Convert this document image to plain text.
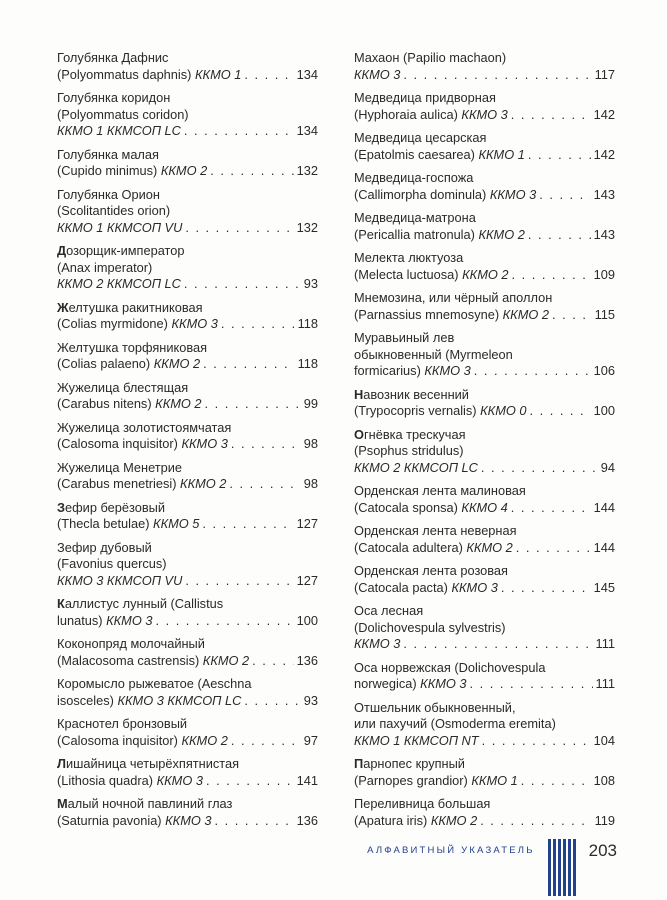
Голубянка Дафнис
(Polyommatus daphnis) ККМО 1 . . .	134
Голубянка коридон
(Polyommatus coridon)
ККМО 1 ККМСОП LC . . .	134
Голубянка малая
(Cupido minimus) ККМО 2 . . .	132
Голубянка Орион
(Scolitantides orion)
ККМО 1 ККМСОП VU . . .	132
Дозорщик-император
(Anax imperator)
ККМО 2 ККМСОП LC . . .	93
Желтушка ракитниковая
(Colias myrmidone) ККМО 3 . . .	118
Желтушка торфяниковая
(Colias palaeno) ККМО 2 . . .	118
Жужелица блестящая
(Carabus nitens) ККМО 2 . . .	99
Жужелица золотистоямчатая
(Calosoma inquisitor) ККМО 3 . . .	98
Жужелица Менетрие
(Carabus menetriesi) ККМО 2 . . .	98
Зефир берёзовый
(Thecla betulae) ККМО 5 . . .	127
Зефир дубовый
(Favonius quercus)
ККМО 3 ККМСОП VU . . .	127
Каллистус лунный (Callistus
lunatus) ККМО 3 . . .	100
Коконопряд молочайный
(Malacosoma castrensis) ККМО 2 . . .	136
Коромысло рыжеватое (Aeschna
isosceles) ККМО 3 ККМСОП LC . . .	93
Краснотел бронзовый
(Calosoma inquisitor) ККМО 2 . . .	97
Лишайница четырёхпятнистая
(Lithosia quadra) ККМО 3 . . .	141
Малый ночной павлиний глаз
(Saturnia pavonia) ККМО 3 . . .	136
Махаон (Papilio machaon)
ККМО 3 . . .	117
Медведица придворная
(Hyphoraia aulica) ККМО 3 . . .	142
Медведица цесарская
(Epatolmis caesarea) ККМО 1 . . .	142
Медведица-госпожа
(Callimorpha dominula) ККМО 3 . . .	143
Медведица-матрона
(Pericallia matronula) ККМО 2 . . .	143
Мелекта люктуоза
(Melecta luctuosa) ККМО 2 . . .	109
Мнемозина, или чёрный аполлон
(Parnassius mnemosyne) ККМО 2 . . .	115
Муравьиный лев
обыкновенный (Myrmeleon
formicarius) ККМО 3 . . .	106
Навозник весенний
(Trypocopris vernalis) ККМО 0 . . .	100
Огнёвка трескучая
(Psophus stridulus)
ККМО 2 ККМСОП LC . . .	94
Орденская лента малиновая
(Catocala sponsa) ККМО 4 . . .	144
Орденская лента неверная
(Catocala adultera) ККМО 2 . . .	144
Орденская лента розовая
(Catocala pacta) ККМО 3 . . .	145
Оса лесная
(Dolichovespula sylvestris)
ККМО 3 . . .	111
Оса норвежская (Dolichovespula
norwegica) ККМО 3 . . .	111
Отшельник обыкновенный,
или пахучий (Osmoderma eremita)
ККМО 1 ККМСОП NT . . .	104
Парнопес крупный
(Parnopes grandior) ККМО 1 . . .	108
Переливница большая
(Apatura iris) ККМО 2 . . .	119
АЛФАВИТНЫЙ УКАЗАТЕЛЬ	203
